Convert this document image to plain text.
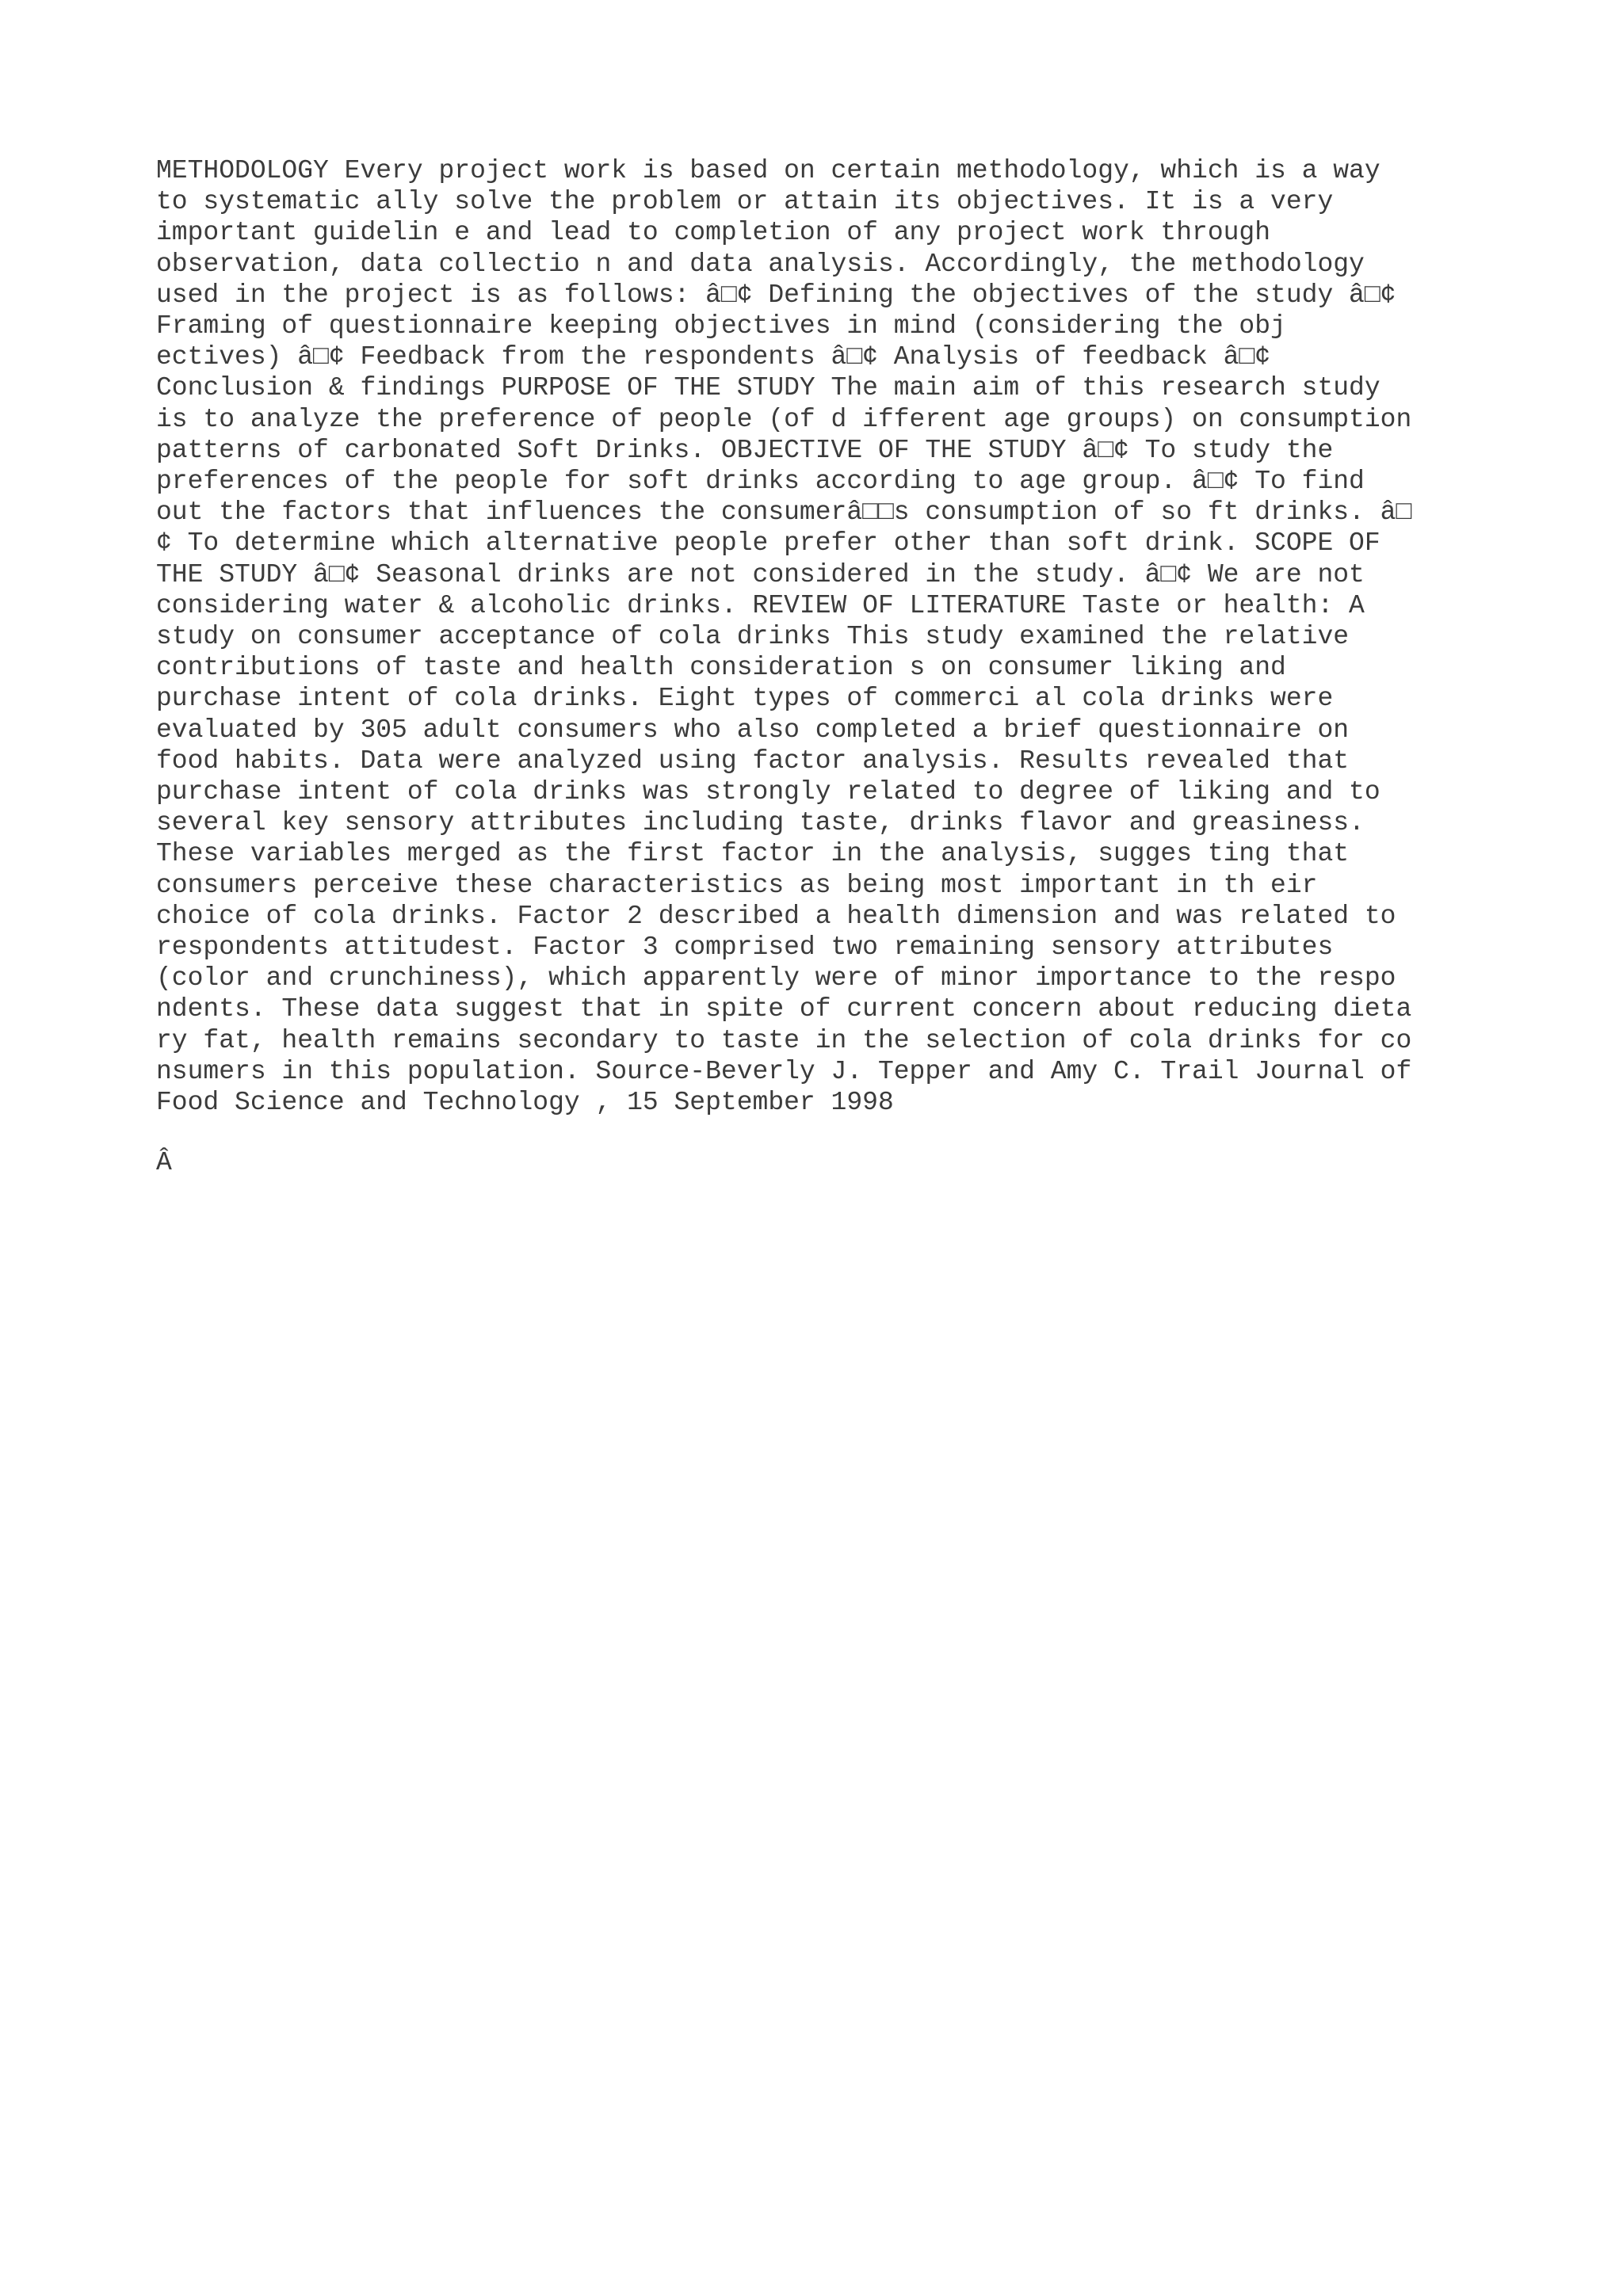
METHODOLOGY Every project work is based on certain methodology, which is a way
to systematic ally solve the problem or attain its objectives. It is a very
important guidelin e and lead to completion of any project work through
observation, data collectio n and data analysis. Accordingly, the methodology
used in the project is as follows: â□¢ Defining the objectives of the study â□¢
Framing of questionnaire keeping objectives in mind (considering the obj
ectives) â□¢ Feedback from the respondents â□¢ Analysis of feedback â□¢
Conclusion & findings PURPOSE OF THE STUDY The main aim of this research study
is to analyze the preference of people (of d ifferent age groups) on consumption
patterns of carbonated Soft Drinks. OBJECTIVE OF THE STUDY â□¢ To study the
preferences of the people for soft drinks according to age group. â□¢ To find
out the factors that influences the consumerâ□□s consumption of so ft drinks. â□
¢ To determine which alternative people prefer other than soft drink. SCOPE OF
THE STUDY â□¢ Seasonal drinks are not considered in the study. â□¢ We are not
considering water & alcoholic drinks. REVIEW OF LITERATURE Taste or health: A
study on consumer acceptance of cola drinks This study examined the relative
contributions of taste and health consideration s on consumer liking and
purchase intent of cola drinks. Eight types of commerci al cola drinks were
evaluated by 305 adult consumers who also completed a brief questionnaire on
food habits. Data were analyzed using factor analysis. Results revealed that
purchase intent of cola drinks was strongly related to degree of liking and to
several key sensory attributes including taste, drinks flavor and greasiness.
These variables merged as the first factor in the analysis, sugges ting that
consumers perceive these characteristics as being most important in th eir
choice of cola drinks. Factor 2 described a health dimension and was related to
respondents attitudest. Factor 3 comprised two remaining sensory attributes
(color and crunchiness), which apparently were of minor importance to the respo
ndents. These data suggest that in spite of current concern about reducing dieta
ry fat, health remains secondary to taste in the selection of cola drinks for co
nsumers in this population. Source-Beverly J. Tepper and Amy C. Trail Journal of
Food Science and Technology , 15 September 1998
Â
